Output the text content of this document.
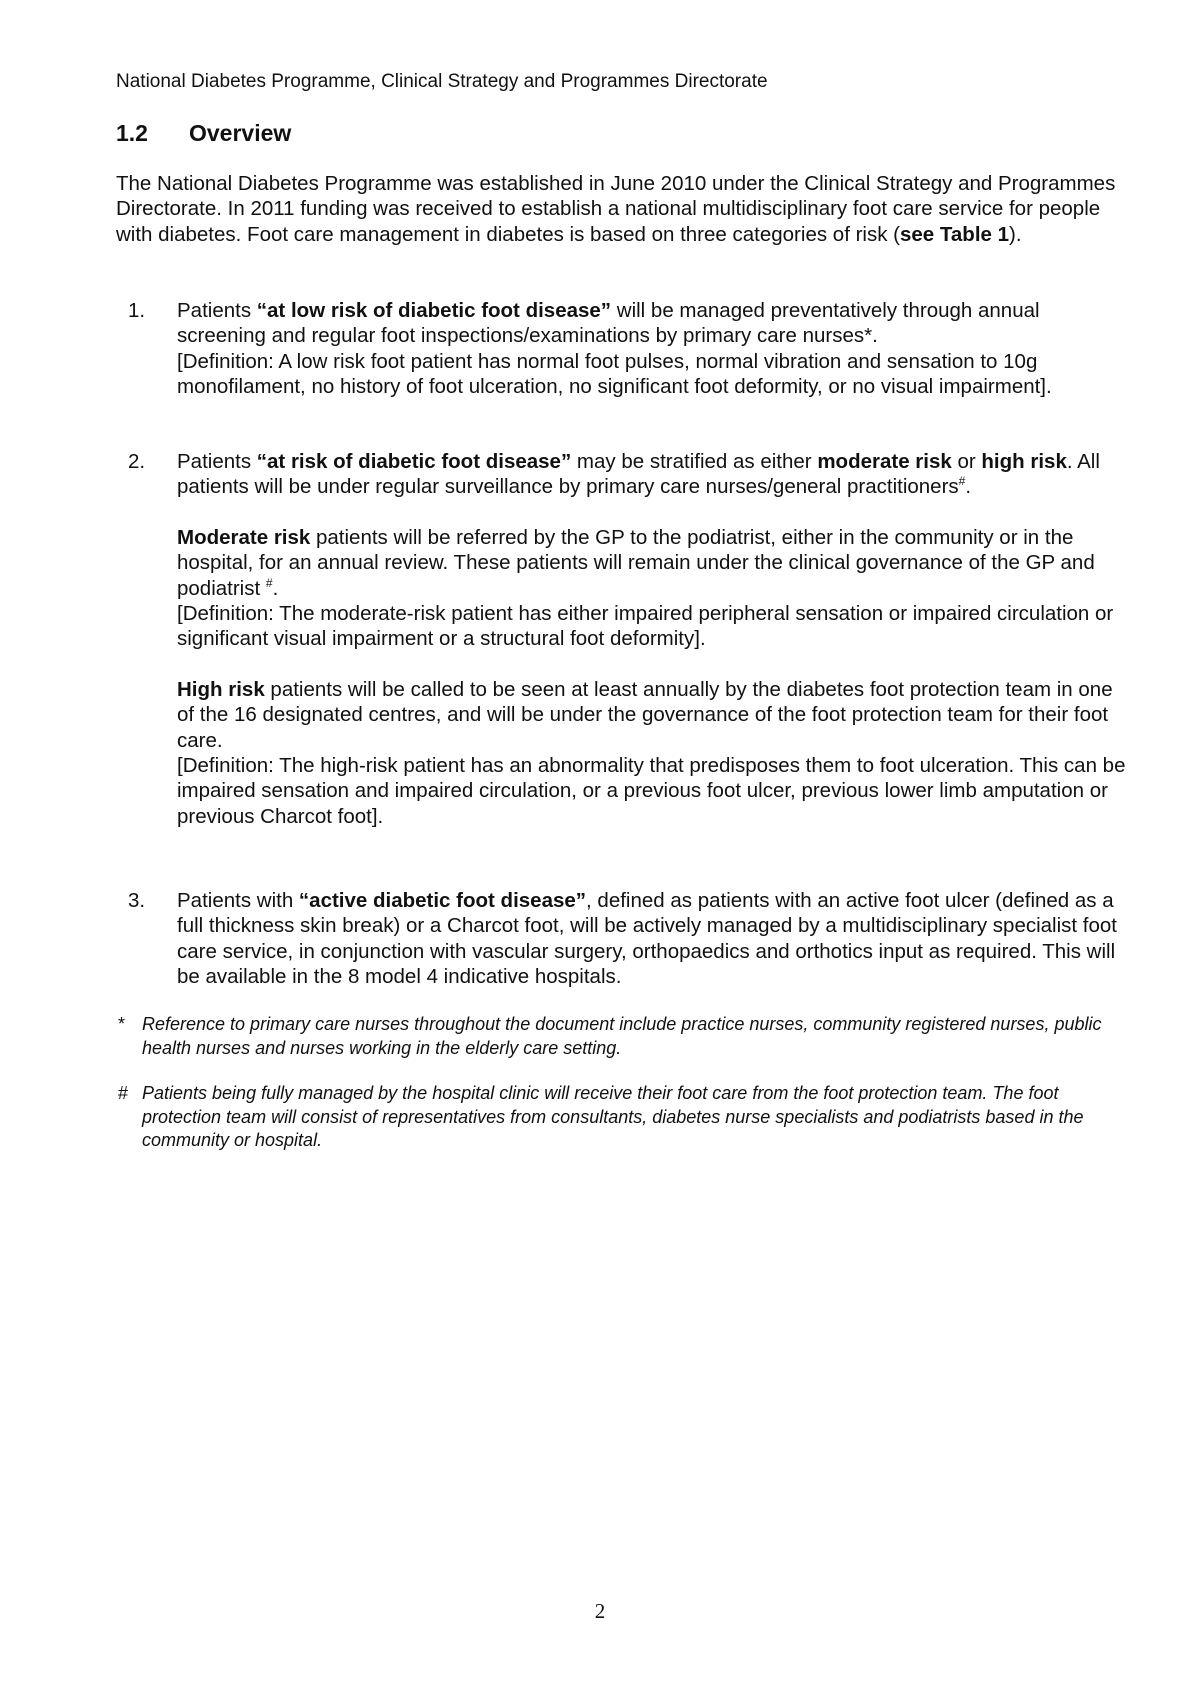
National Diabetes Programme, Clinical Strategy and Programmes Directorate
1.2 Overview

The National Diabetes Programme was established in June 2010 under the Clinical Strategy and Programmes Directorate. In 2011 funding was received to establish a national multidisciplinary foot care service for people with diabetes. Foot care management in diabetes is based on three categories of risk (see Table 1).

1. Patients “at low risk of diabetic foot disease” will be managed preventatively through annual screening and regular foot inspections/examinations by primary care nurses*.
[Definition: A low risk foot patient has normal foot pulses, normal vibration and sensation to 10g monofilament, no history of foot ulceration, no significant foot deformity, or no visual impairment].

2. Patients “at risk of diabetic foot disease” may be stratified as either moderate risk or high risk. All patients will be under regular surveillance by primary care nurses/general practitioners#.

Moderate risk patients will be referred by the GP to the podiatrist, either in the community or in the hospital, for an annual review. These patients will remain under the clinical governance of the GP and podiatrist #.
[Definition: The moderate-risk patient has either impaired peripheral sensation or impaired circulation or significant visual impairment or a structural foot deformity].

High risk patients will be called to be seen at least annually by the diabetes foot protection team in one of the 16 designated centres, and will be under the governance of the foot protection team for their foot care.
[Definition: The high-risk patient has an abnormality that predisposes them to foot ulceration. This can be impaired sensation and impaired circulation, or a previous foot ulcer, previous lower limb amputation or previous Charcot foot].

3. Patients with “active diabetic foot disease”, defined as patients with an active foot ulcer (defined as a full thickness skin break) or a Charcot foot, will be actively managed by a multidisciplinary specialist foot care service, in conjunction with vascular surgery, orthopaedics and orthotics input as required. This will be available in the 8 model 4 indicative hospitals.

* Reference to primary care nurses throughout the document include practice nurses, community registered nurses, public health nurses and nurses working in the elderly care setting.
# Patients being fully managed by the hospital clinic will receive their foot care from the foot protection team. The foot protection team will consist of representatives from consultants, diabetes nurse specialists and podiatrists based in the community or hospital.
2
